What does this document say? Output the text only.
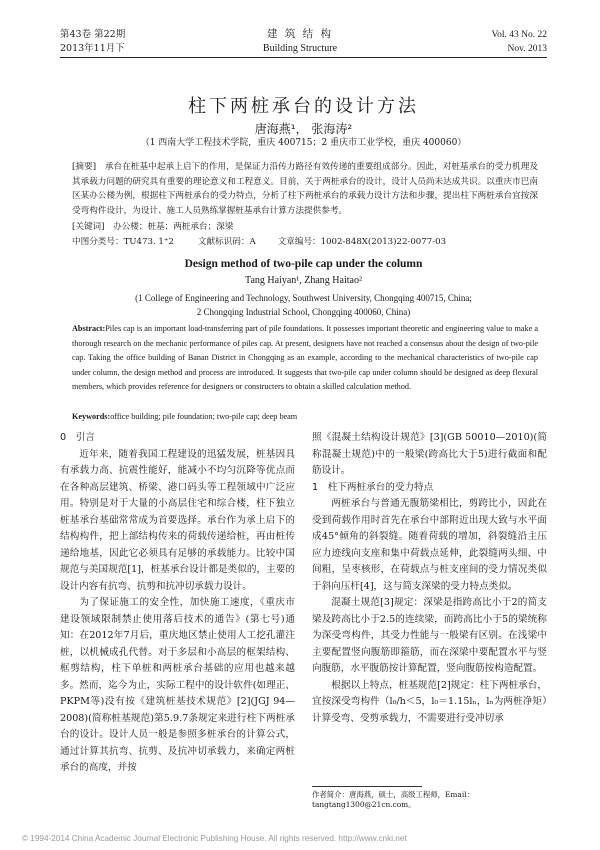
第43卷 第22期
2013年11月下
建 筑 结 构
Building Structure
Vol. 43 No. 22
Nov. 2013
柱下两桩承台的设计方法
唐海燕¹， 张海涛²
（1 西南大学工程技术学院，重庆 400715；2 重庆市工业学校，重庆 400060）
[摘要]　 承台在桩基中起承上启下的作用，是保证力沿传力路径有效传递的重要组成部分。因此，对桩基承台的受力机理及其承载力问题的研究具有重要的理论意义和工程意义。目前，关于两桩承台的设计，设计人员尚未达成共识。以重庆市巴南区某办公楼为例，根据柱下两桩承台的受力特点，分析了柱下两桩承台的承载力设计方法和步骤，提出柱下两桩承台宜按深受弯构件设计，为设计、施工人员熟练掌握桩基承台计算方法提供参考。
[关键词]　 办公楼；桩基；两桩承台；深梁
中图分类号：TU473. 1⁺2	文献标识码：A	文章编号：1002-848X(2013)22-0077-03
Design method of two-pile cap under the column
Tang Haiyan¹, Zhang Haitao²
(1 College of Engineering and Technology, Southwest University, Chongqing 400715, China;
2 Chongqing Industrial School, Chongqing 400060, China)
Abstract:Piles cap is an important load-transferring part of pile foundations. It possesses important theoretic and engineering value to make a thorough research on the mechanic performance of piles cap. At present, designers have not reached a consensus about the design of two-pile cap. Taking the office building of Banan District in Chongqing as an example, according to the mechanical characteristics of two-pile cap under column, the design method and process are introduced. It suggests that two-pile cap under column should be designed as deep flexural members, which provides reference for designers or constructers to obtain a skilled calculation method.
Keywords:office building; pile foundation; two-pile cap; deep beam

0　引言

近年来，随着我国工程建设的迅猛发展，桩基因具有承载力高、抗震性能好，能减小不均匀沉降等优点而在各种高层建筑、桥梁、港口码头等工程领域中广泛应用。特别是对于大量的小高层住宅和综合楼，柱下独立桩基承台基础常常成为首要选择。承台作为承上启下的结构构件，把上部结构传来的荷载传递给桩，再由桩传递给地基，因此它必须具有足够的承载能力。比较中国规范与美国规范[1]，桩基承台设计都是类似的，主要的设计内容有抗弯、抗剪和抗冲切承载力设计。

为了保证施工的安全性，加快施工速度，《重庆市建设领域限制禁止使用落后技术的通告》(第七号)通知：在2012年7月后，重庆地区禁止使用人工挖孔灌注桩，以机械成孔代替。对于多层和小高层的框架结构、框剪结构，柱下单桩和两桩承台基础的应用也越来越多。然而，迄今为止，实际工程中的设计软件(如理正、PKPM等)没有按《建筑桩基技术规范》[2](JGJ 94—2008)(简称桩基规范)第5.9.7条规定来进行柱下两桩承台的设计。设计人员一般是参照多桩承台的计算公式，通过计算其抗弯、抗剪、及抗冲切承载力，来确定两桩承台的高度，并按

照《混凝土结构设计规范》[3](GB 50010—2010)(简称混凝土规范)中的一般梁(跨高比大于5)进行截面和配筋设计。

1　柱下两桩承台的受力特点

两桩承台与普通无腹筋梁相比，剪跨比小，因此在受到荷载作用时首先在承台中部附近出现大致与水平面成45°倾角的斜裂缝。随着荷载的增加，斜裂缝沿主压应力迹线向支座和集中荷载点延伸，此裂缝两头细、中间粗，呈枣核形，在荷载点与桩支座间的受力情况类似于斜向压杆[4]，这与简支深梁的受力特点类似。

混凝土规范[3]规定：深梁是指跨高比小于2的简支梁及跨高比小于2.5的连续梁，而跨高比小于5的梁统称为深受弯构件，其受力性能与一般梁有区别。在浅梁中主要配置竖向腹筋即箍筋，而在深梁中要配置水平与竖向腹筋，水平腹筋按计算配置，竖向腹筋按构造配置。

根据以上特点，桩基规范[2]规定：柱下两桩承台，宜按深受弯构件（l₀/h＜5，l₀＝1.15lₙ，lₙ为两桩净矩）计算受弯、受剪承载力，不需要进行受冲切承

作者简介：唐海燕，硕士，高级工程师，Email：tangtang1300@21cn.com。
© 1994-2014 China Academic Journal Electronic Publishing House. All rights reserved. http://www.cnki.net
